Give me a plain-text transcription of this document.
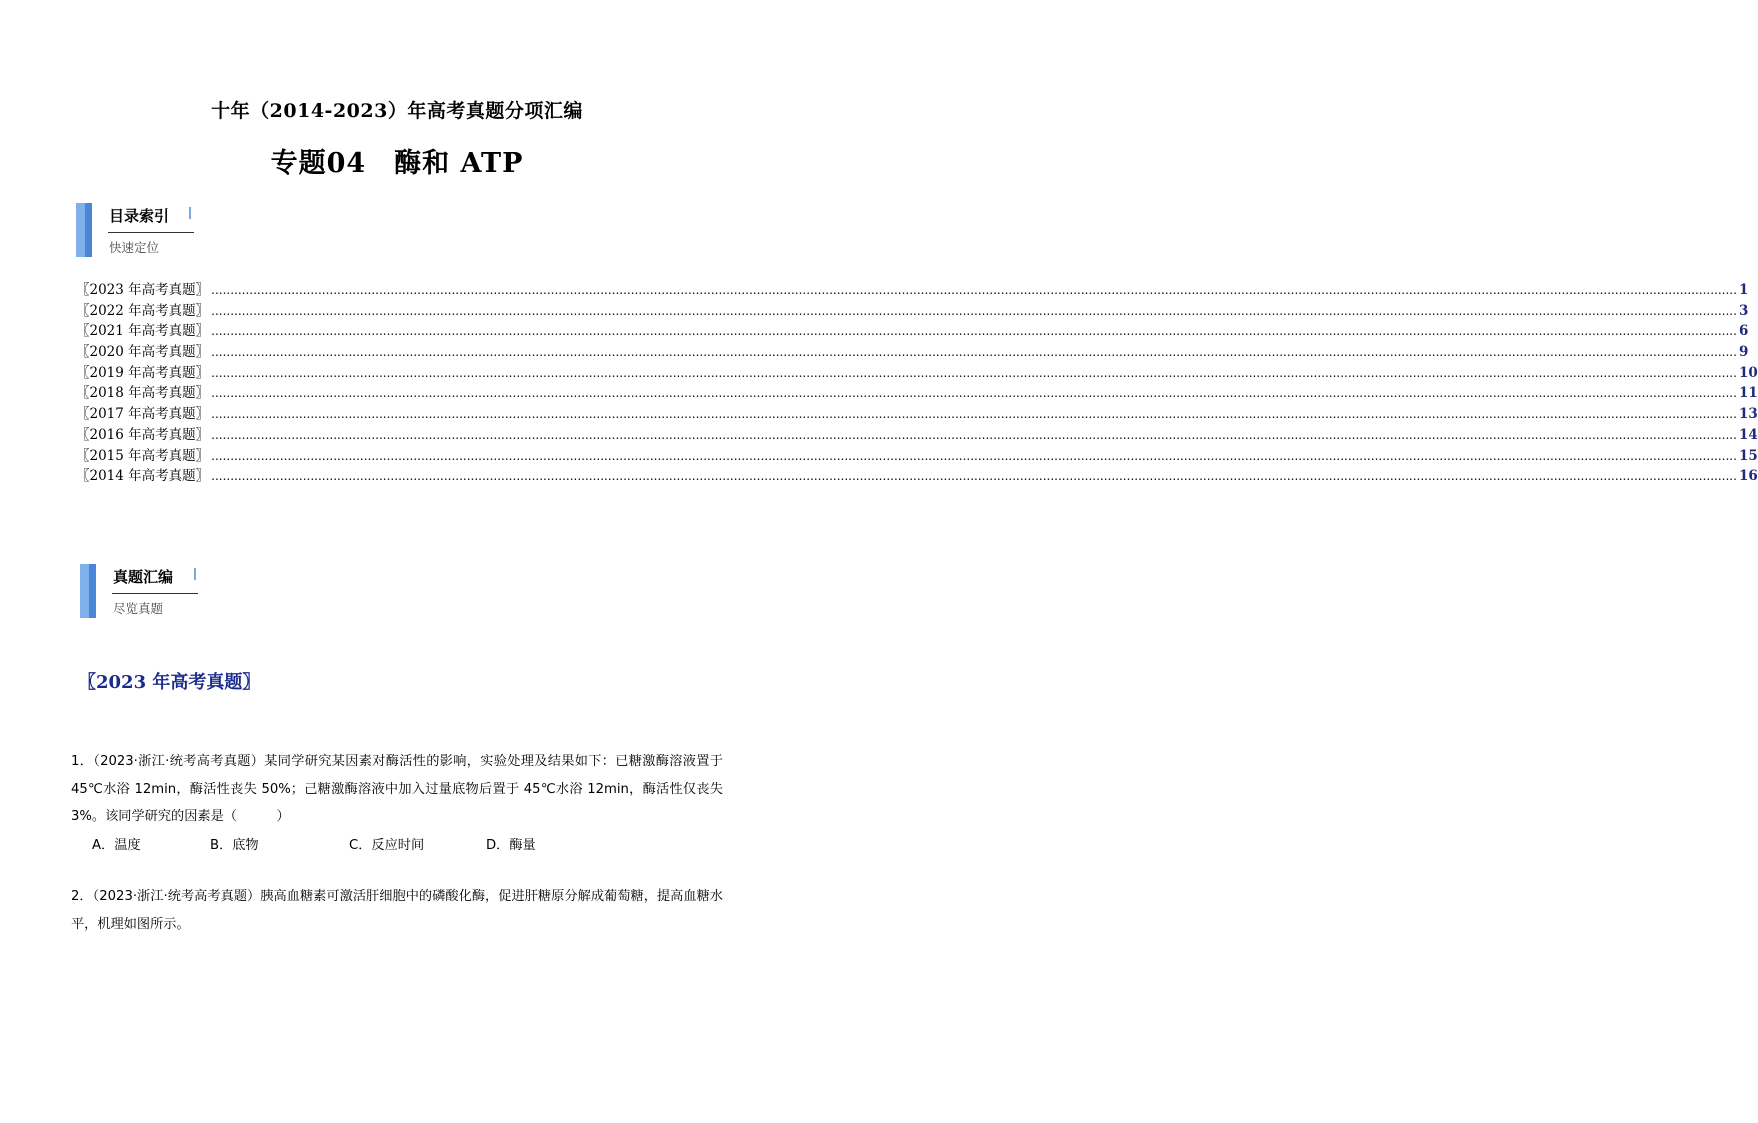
十年（2014-2023）年高考真题分项汇编
专题04　酶和 ATP
目录索引
快速定位
〖2023 年高考真题〗 ................................................................................................................................................................................................................................................................................................................................................................................................................ 1
〖2022 年高考真题〗 ................................................................................................................................................................................................................................................................................................................................................................................................................ 3
〖2021 年高考真题〗 ................................................................................................................................................................................................................................................................................................................................................................................................................ 6
〖2020 年高考真题〗 ................................................................................................................................................................................................................................................................................................................................................................................................................ 9
〖2019 年高考真题〗 ................................................................................................................................................................................................................................................................................................................................................................................................................ 10
〖2018 年高考真题〗 ................................................................................................................................................................................................................................................................................................................................................................................................................ 11
〖2017 年高考真题〗 ................................................................................................................................................................................................................................................................................................................................................................................................................ 13
〖2016 年高考真题〗 ................................................................................................................................................................................................................................................................................................................................................................................................................ 14
〖2015 年高考真题〗 ................................................................................................................................................................................................................................................................................................................................................................................................................ 15
〖2014 年高考真题〗 ................................................................................................................................................................................................................................................................................................................................................................................................................ 16
真题汇编
尽览真题
〖2023 年高考真题〗
1．（2023·浙江·统考高考真题）某同学研究某因素对酶活性的影响，实验处理及结果如下：已糖激酶溶液置于 45℃水浴 12min，酶活性丧失 50%；己糖激酶溶液中加入过量底物后置于 45℃水浴 12min，酶活性仅丧失 3%。该同学研究的因素是（　　　）
A．温度	B．底物	C．反应时间	D．酶量
2．（2023·浙江·统考高考真题）胰高血糖素可激活肝细胞中的磷酸化酶，促进肝糖原分解成葡萄糖，提高血糖水平，机理如图所示。
